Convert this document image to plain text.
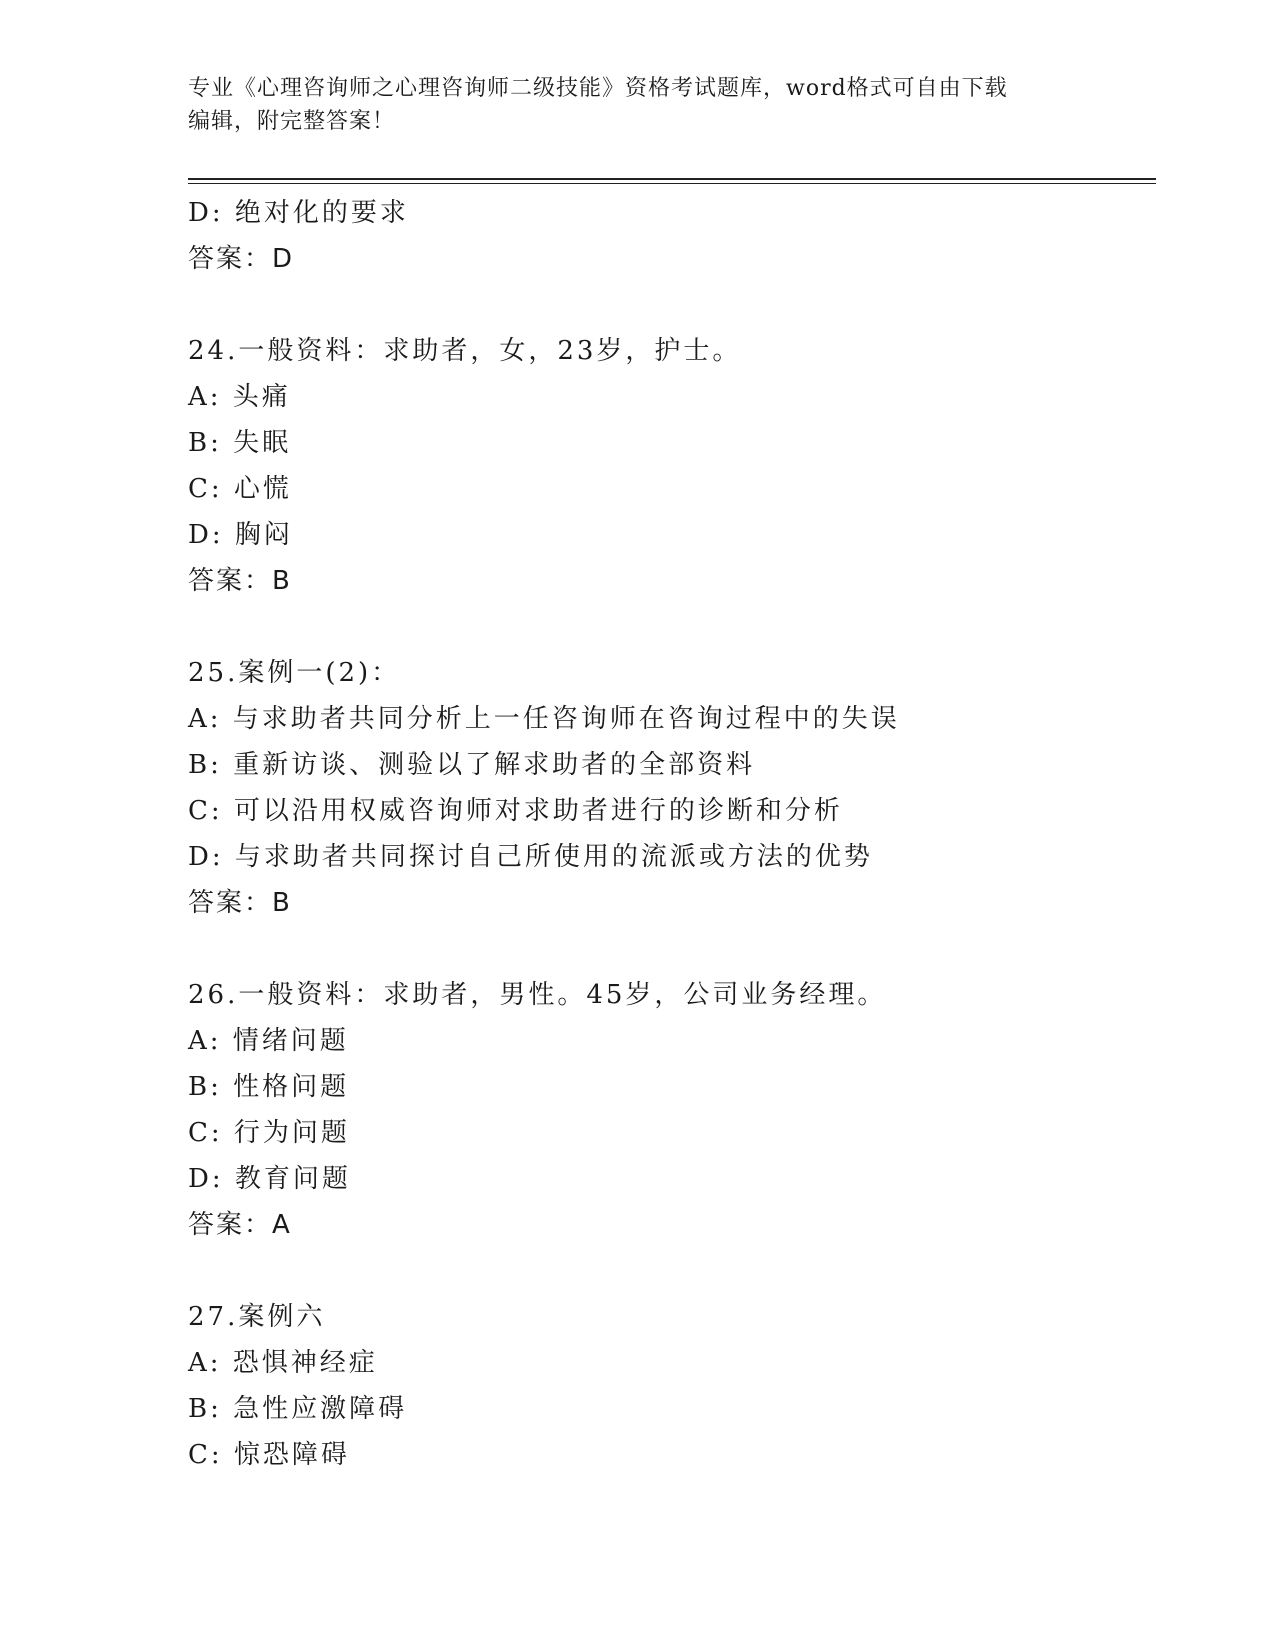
专业《心理咨询师之心理咨询师二级技能》资格考试题库，word格式可自由下载
编辑，附完整答案！
D: 绝对化的要求
答案：D
24.一般资料：求助者，女，23岁，护士。
A: 头痛
B: 失眠
C: 心慌
D: 胸闷
答案：B
25.案例一(2)：
A: 与求助者共同分析上一任咨询师在咨询过程中的失误
B: 重新访谈、测验以了解求助者的全部资料
C: 可以沿用权威咨询师对求助者进行的诊断和分析
D: 与求助者共同探讨自己所使用的流派或方法的优势
答案：B
26.一般资料：求助者，男性。45岁，公司业务经理。
A: 情绪问题
B: 性格问题
C: 行为问题
D: 教育问题
答案：A
27.案例六
A: 恐惧神经症
B: 急性应激障碍
C: 惊恐障碍
